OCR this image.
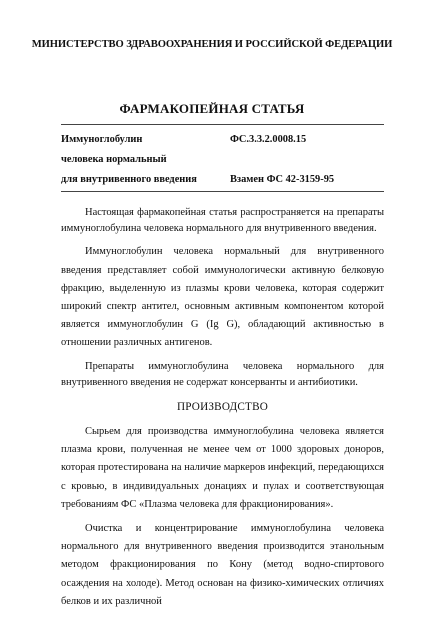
МИНИСТЕРСТВО ЗДРАВООХРАНЕНИЯ И РОССИЙСКОЙ ФЕДЕРАЦИИ
ФАРМАКОПЕЙНАЯ СТАТЬЯ
Иммуноглобулин
человека нормальный
для внутривенного введения
ФС.3.3.2.0008.15
Взамен ФС 42-3159-95

Настоящая фармакопейная статья распространяется на препараты иммуноглобулина человека нормального для внутривенного введения.

Иммуноглобулин человека нормальный для внутривенного введения представляет собой иммунологически активную белковую фракцию, выделенную из плазмы крови человека, которая содержит широкий спектр антител, основным активным компонентом которой является иммуноглобулин G (Ig G), обладающий активностью в отношении различных антигенов.

Препараты иммуноглобулина человека нормального для внутривенного введения не содержат консерванты и антибиотики.

ПРОИЗВОДСТВО

Сырьем для производства иммуноглобулина человека является плазма крови, полученная не менее чем от 1000 здоровых доноров, которая протестирована на наличие маркеров инфекций, передающихся с кровью, в индивидуальных донациях и пулах и соответствующая требованиям ФС «Плазма человека для фракционирования».

Очистка и концентрирование иммуноглобулина человека нормального для внутривенного введения производится этанольным методом фракционирования по Кону (метод водно-спиртового осаждения на холоде). Метод основан на физико-химических отличиях белков и их различной
